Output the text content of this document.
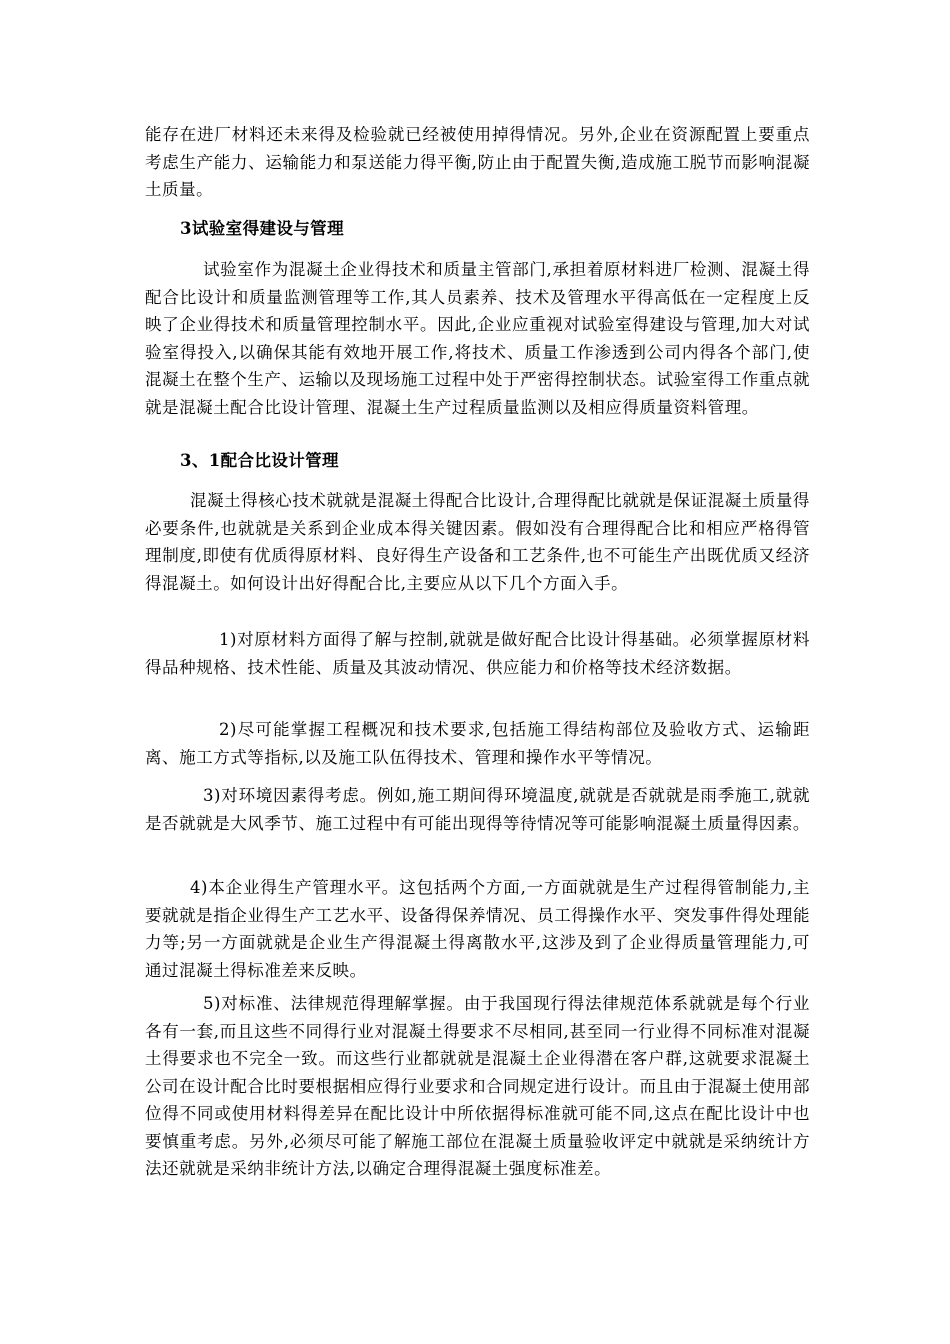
能存在进厂材料还未来得及检验就已经被使用掉得情况。另外,企业在资源配置上要重点考虑生产能力、运输能力和泵送能力得平衡,防止由于配置失衡,造成施工脱节而影响混凝土质量。

3试验室得建设与管理

试验室作为混凝土企业得技术和质量主管部门,承担着原材料进厂检测、混凝土得配合比设计和质量监测管理等工作,其人员素养、技术及管理水平得高低在一定程度上反映了企业得技术和质量管理控制水平。因此,企业应重视对试验室得建设与管理,加大对试验室得投入,以确保其能有效地开展工作,将技术、质量工作渗透到公司内得各个部门,使混凝土在整个生产、运输以及现场施工过程中处于严密得控制状态。试验室得工作重点就就是混凝土配合比设计管理、混凝土生产过程质量监测以及相应得质量资料管理。

3、1配合比设计管理

混凝土得核心技术就就是混凝土得配合比设计,合理得配比就就是保证混凝土质量得必要条件,也就就是关系到企业成本得关键因素。假如没有合理得配合比和相应严格得管理制度,即使有优质得原材料、良好得生产设备和工艺条件,也不可能生产出既优质又经济得混凝土。如何设计出好得配合比,主要应从以下几个方面入手。

1)对原材料方面得了解与控制,就就是做好配合比设计得基础。必须掌握原材料得品种规格、技术性能、质量及其波动情况、供应能力和价格等技术经济数据。

2)尽可能掌握工程概况和技术要求,包括施工得结构部位及验收方式、运输距离、施工方式等指标,以及施工队伍得技术、管理和操作水平等情况。

3)对环境因素得考虑。例如,施工期间得环境温度,就就是否就就是雨季施工,就就是否就就是大风季节、施工过程中有可能出现得等待情况等可能影响混凝土质量得因素。

4)本企业得生产管理水平。这包括两个方面,一方面就就是生产过程得管制能力,主要就就是指企业得生产工艺水平、设备得保养情况、员工得操作水平、突发事件得处理能力等;另一方面就就是企业生产得混凝土得离散水平,这涉及到了企业得质量管理能力,可通过混凝土得标准差来反映。

5)对标准、法律规范得理解掌握。由于我国现行得法律规范体系就就是每个行业各有一套,而且这些不同得行业对混凝土得要求不尽相同,甚至同一行业得不同标准对混凝土得要求也不完全一致。而这些行业都就就是混凝土企业得潜在客户群,这就要求混凝土公司在设计配合比时要根据相应得行业要求和合同规定进行设计。而且由于混凝土使用部位得不同或使用材料得差异在配比设计中所依据得标准就可能不同,这点在配比设计中也要慎重考虑。另外,必须尽可能了解施工部位在混凝土质量验收评定中就就是采纳统计方法还就就是采纳非统计方法,以确定合理得混凝土强度标准差。
